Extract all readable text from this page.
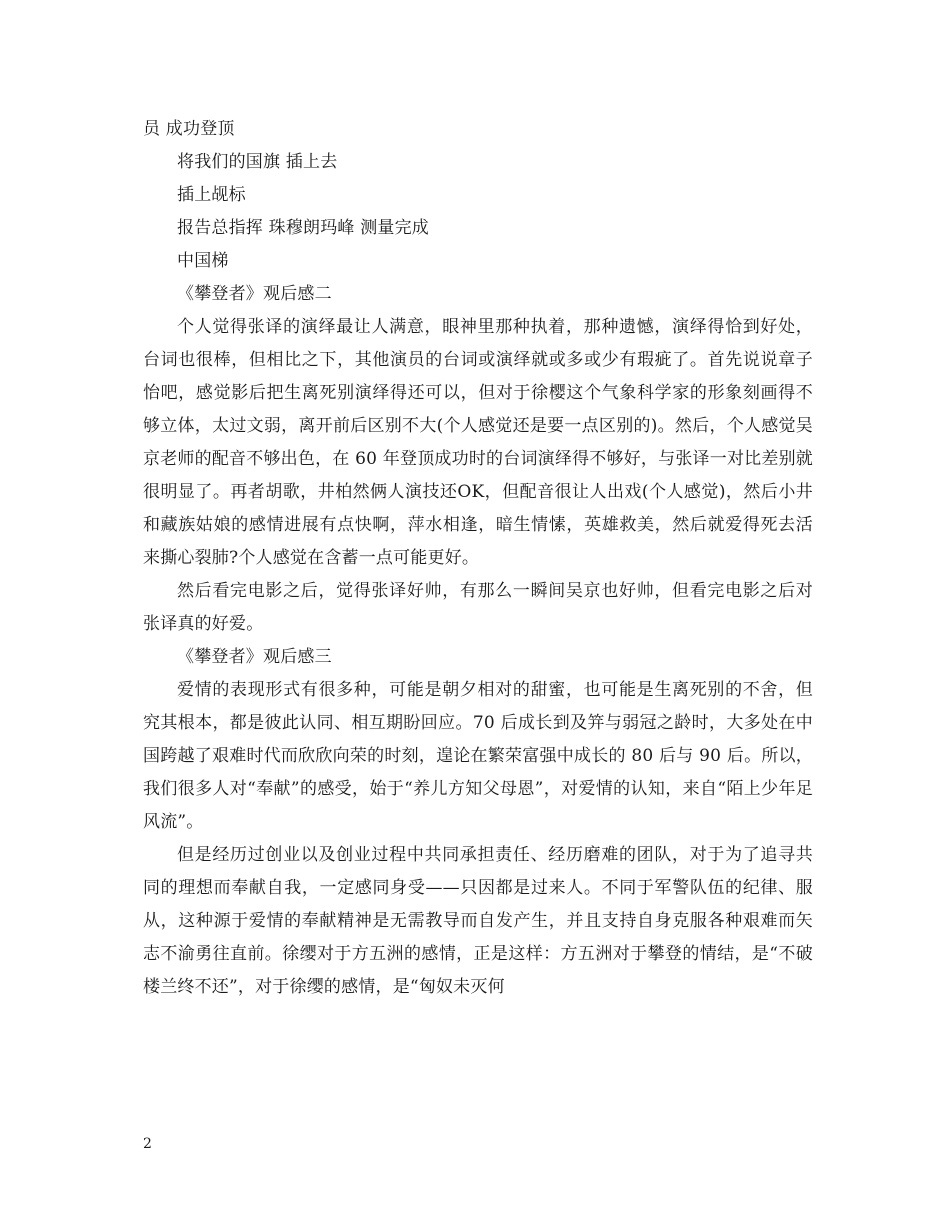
员 成功登顶

将我们的国旗 插上去

插上觇标

报告总指挥 珠穆朗玛峰 测量完成

中国梯

《攀登者》观后感二

个人觉得张译的演绎最让人满意，眼神里那种执着，那种遗憾，演绎得恰到好处，台词也很棒，但相比之下，其他演员的台词或演绎就或多或少有瑕疵了。首先说说章子怡吧，感觉影后把生离死别演绎得还可以，但对于徐樱这个气象科学家的形象刻画得不够立体，太过文弱，离开前后区别不大(个人感觉还是要一点区别的)。然后，个人感觉吴京老师的配音不够出色，在 60 年登顶成功时的台词演绎得不够好，与张译一对比差别就很明显了。再者胡歌，井柏然俩人演技还OK，但配音很让人出戏(个人感觉)，然后小井和藏族姑娘的感情进展有点快啊，萍水相逢，暗生情愫，英雄救美，然后就爱得死去活来撕心裂肺?个人感觉在含蓄一点可能更好。

然后看完电影之后，觉得张译好帅，有那么一瞬间吴京也好帅，但看完电影之后对张译真的好爱。

《攀登者》观后感三

爱情的表现形式有很多种，可能是朝夕相对的甜蜜，也可能是生离死别的不舍，但究其根本，都是彼此认同、相互期盼回应。70 后成长到及笄与弱冠之龄时，大多处在中国跨越了艰难时代而欣欣向荣的时刻，遑论在繁荣富强中成长的 80 后与 90 后。所以，我们很多人对“奉献”的感受，始于“养儿方知父母恩”，对爱情的认知，来自“陌上少年足风流”。

但是经历过创业以及创业过程中共同承担责任、经历磨难的团队，对于为了追寻共同的理想而奉献自我，一定感同身受——只因都是过来人。不同于军警队伍的纪律、服从，这种源于爱情的奉献精神是无需教导而自发产生，并且支持自身克服各种艰难而矢志不渝勇往直前。徐缨对于方五洲的感情，正是这样：方五洲对于攀登的情结，是“不破楼兰终不还”，对于徐缨的感情，是“匈奴未灭何

2
